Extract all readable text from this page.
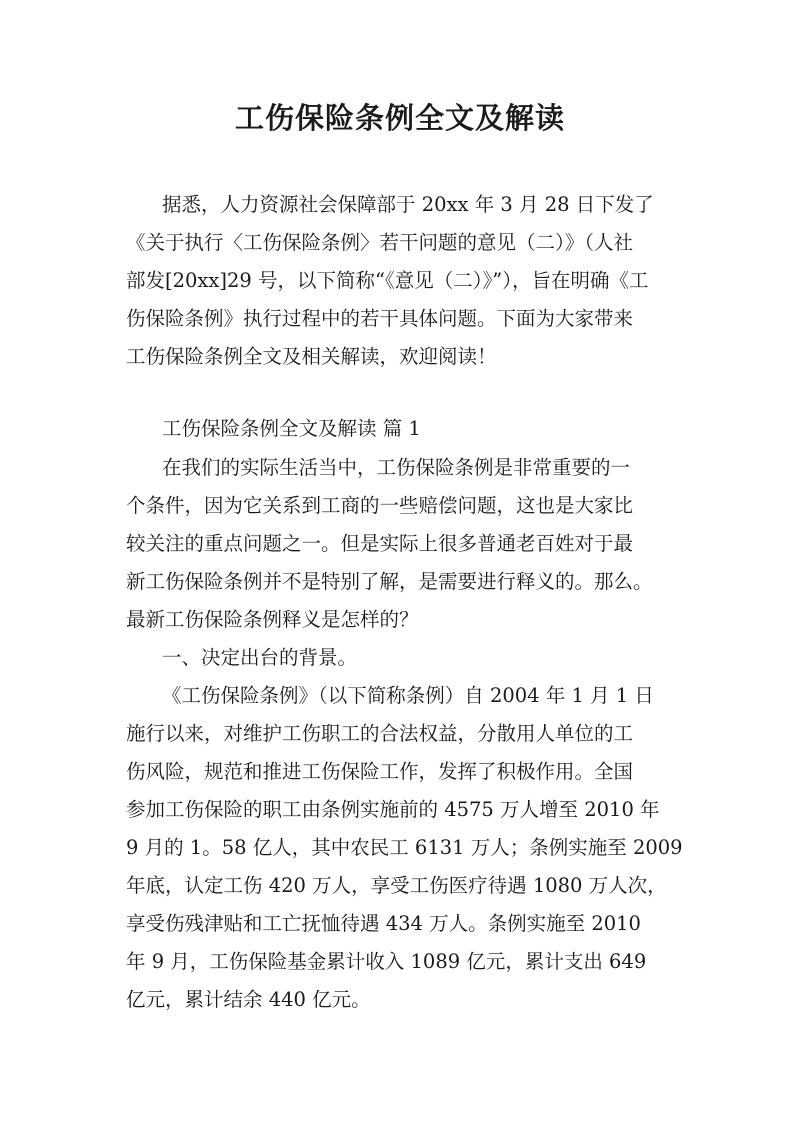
工伤保险条例全文及解读
据悉，人力资源社会保障部于 20xx 年 3 月 28 日下发了
《关于执行〈工伤保险条例〉若干问题的意见（二）》（人社
部发[20xx]29 号，以下简称“《意见（二）》”），旨在明确《工
伤保险条例》执行过程中的若干具体问题。下面为大家带来
工伤保险条例全文及相关解读，欢迎阅读！
工伤保险条例全文及解读 篇 1
在我们的实际生活当中，工伤保险条例是非常重要的一
个条件，因为它关系到工商的一些赔偿问题，这也是大家比
较关注的重点问题之一。但是实际上很多普通老百姓对于最
新工伤保险条例并不是特别了解，是需要进行释义的。那么。
最新工伤保险条例释义是怎样的？
一、决定出台的背景。
《工伤保险条例》（以下简称条例）自 2004 年 1 月 1 日
施行以来，对维护工伤职工的合法权益，分散用人单位的工
伤风险，规范和推进工伤保险工作，发挥了积极作用。全国
参加工伤保险的职工由条例实施前的 4575 万人增至 2010 年
9 月的 1。58 亿人，其中农民工 6131 万人；条例实施至 2009
年底，认定工伤 420 万人，享受工伤医疗待遇 1080 万人次，
享受伤残津贴和工亡抚恤待遇 434 万人。条例实施至 2010
年 9 月，工伤保险基金累计收入 1089 亿元，累计支出 649
亿元，累计结余 440 亿元。
